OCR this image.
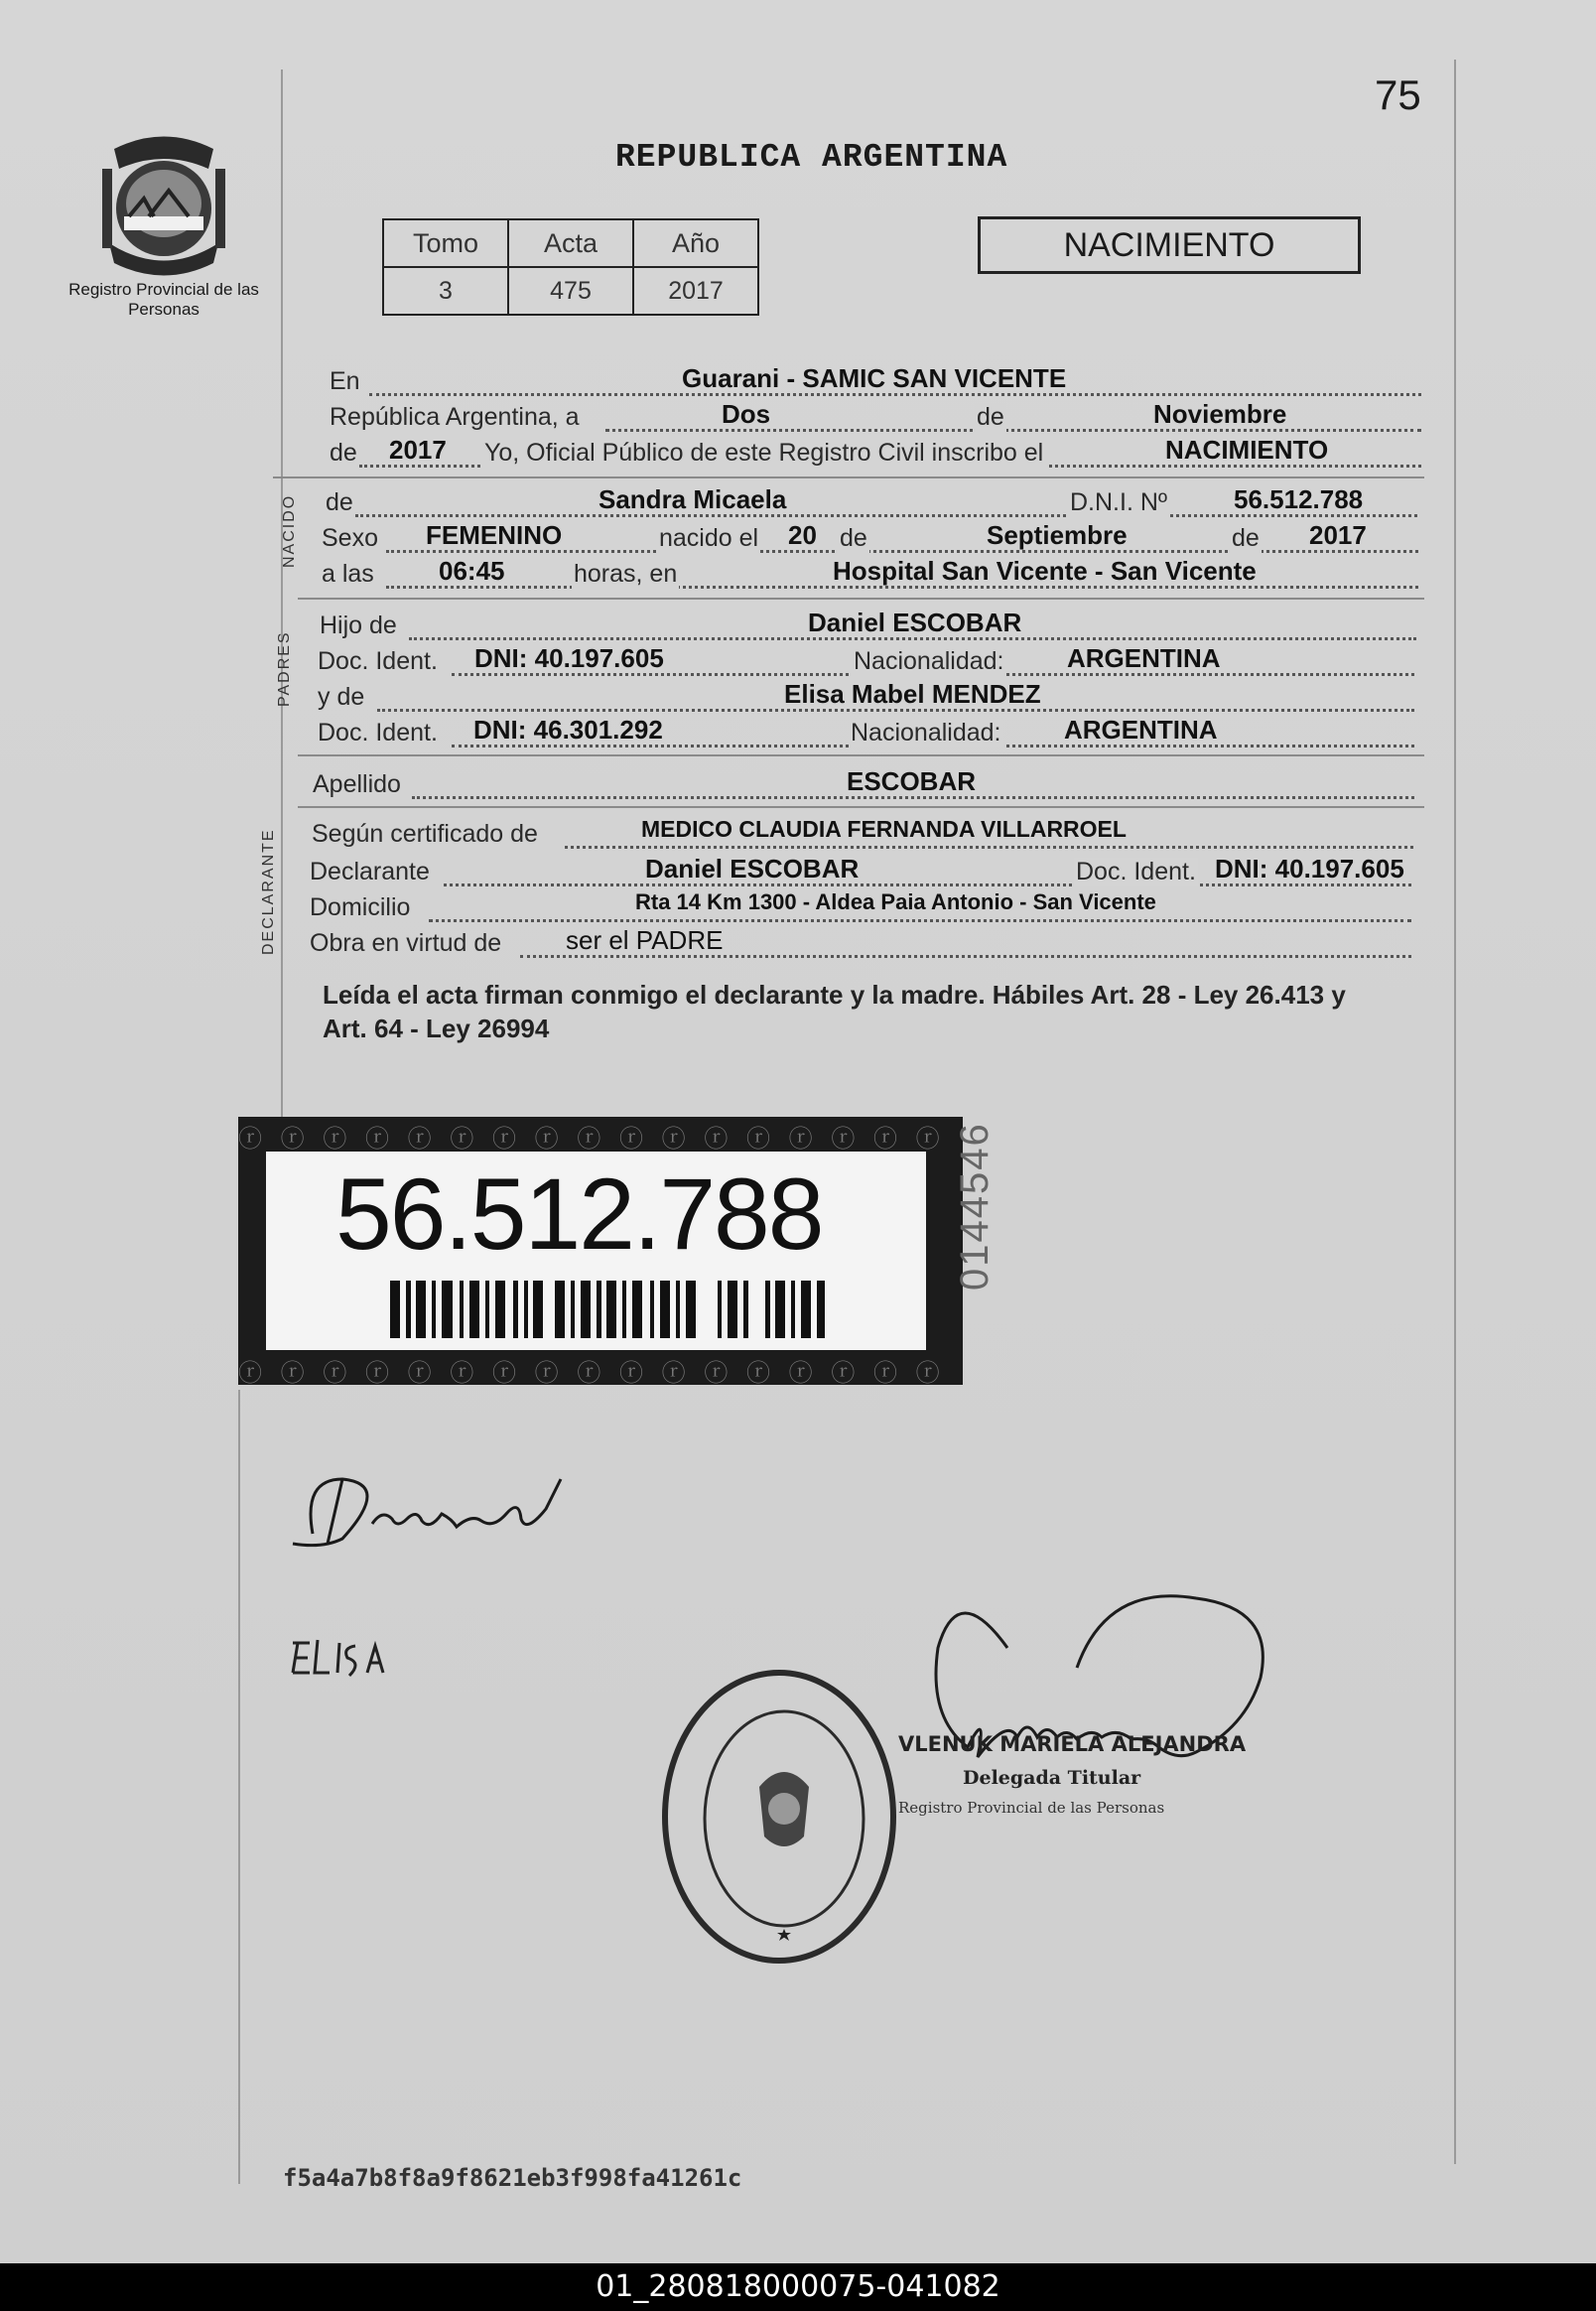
75
REPUBLICA ARGENTINA
Registro Provincial de las Personas
Tomo	Acta	Año
3	475	2017
NACIMIENTO
En	Guarani - SAMIC SAN VICENTE
República Argentina, a	Dos	de	Noviembre
de 2017 Yo, Oficial Público de este Registro Civil inscribo el	NACIMIENTO
NACIDO de	Sandra Micaela	D.N.I. Nº	56.512.788
Sexo FEMENINO	nacido el 20 de	Septiembre	de 2017
a las	06:45	horas, en	Hospital San Vicente - San Vicente
PADRES
Hijo de	Daniel ESCOBAR
Doc. Ident. DNI: 40.197.605	Nacionalidad: ARGENTINA
y de	Elisa Mabel MENDEZ
Doc. Ident. DNI: 46.301.292	Nacionalidad: ARGENTINA
Apellido	ESCOBAR
DECLARANTE Según certificado de	MEDICO CLAUDIA FERNANDA VILLARROEL
Declarante	Daniel ESCOBAR	Doc. Ident. DNI: 40.197.605
Domicilio	Rta 14 Km 1300 - Aldea Paia Antonio - San Vicente
Obra en virtud de ser el PADRE
Leída el acta firman conmigo el declarante y la madre. Hábiles Art. 28 - Ley 26.413 y Art. 64 - Ley 26994
ⓡ ⓡ ⓡ ⓡ ⓡ ⓡ ⓡ ⓡ ⓡ ⓡ ⓡ ⓡ ⓡ ⓡ ⓡ ⓡ ⓡ
ⓡ ⓡ ⓡ ⓡ ⓡ ⓡ ⓡ ⓡ ⓡ ⓡ ⓡ ⓡ ⓡ ⓡ ⓡ ⓡ ⓡ
56.512.788	0144546
VLENUK MARIELA ALEJANDRA
Delegada Titular
Registro Provincial de las Personas
f5a4a7b8f8a9f8621eb3f998fa41261c
01_280818000075-041082
